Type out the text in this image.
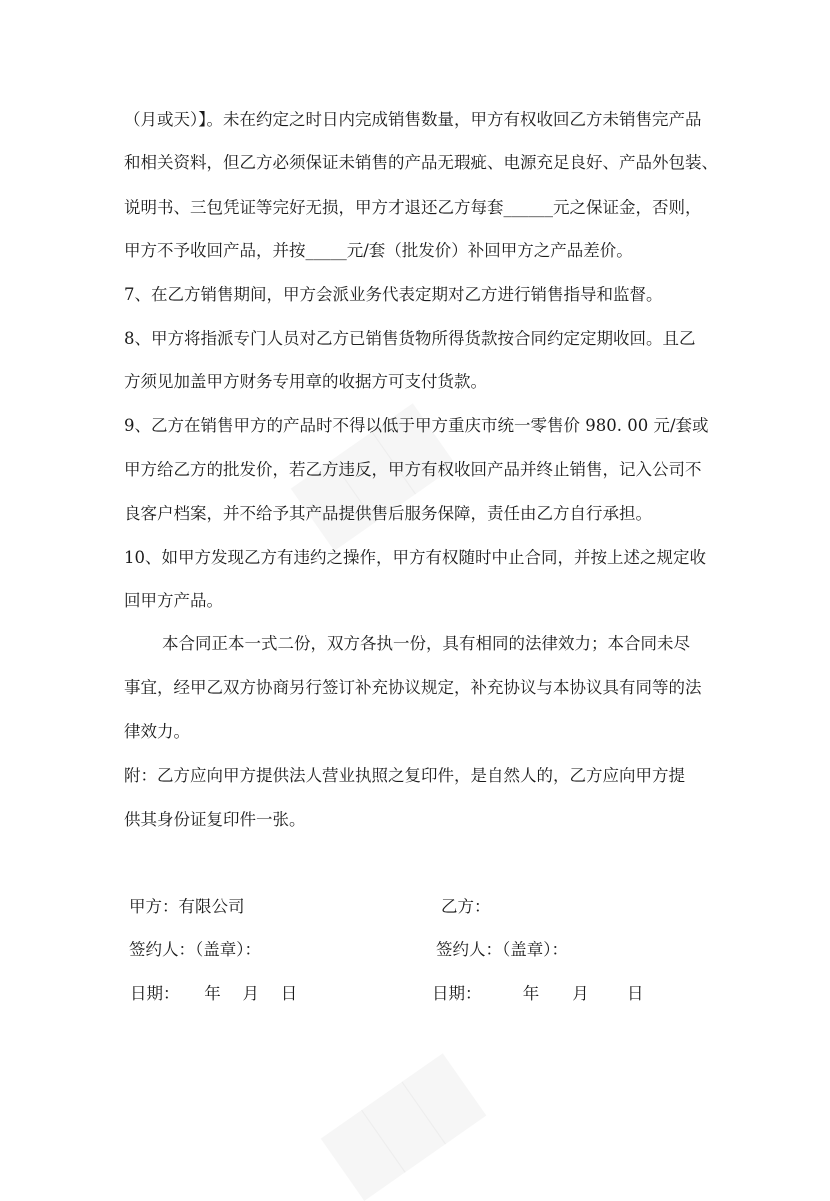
（月或天）】。未在约定之时日内完成销售数量，甲方有权收回乙方未销售完产品
和相关资料，但乙方必须保证未销售的产品无瑕疵、电源充足良好、产品外包装、
说明书、三包凭证等完好无损，甲方才退还乙方每套______元之保证金，否则，
甲方不予收回产品，并按_____元/套（批发价）补回甲方之产品差价。
7、在乙方销售期间，甲方会派业务代表定期对乙方进行销售指导和监督。
8、甲方将指派专门人员对乙方已销售货物所得货款按合同约定定期收回。且乙
方须见加盖甲方财务专用章的收据方可支付货款。
9、乙方在销售甲方的产品时不得以低于甲方重庆市统一零售价 980. 00 元/套或
甲方给乙方的批发价，若乙方违反，甲方有权收回产品并终止销售，记入公司不
良客户档案，并不给予其产品提供售后服务保障，责任由乙方自行承担。
10、如甲方发现乙方有违约之操作，甲方有权随时中止合同，并按上述之规定收
回甲方产品。
本合同正本一式二份，双方各执一份，具有相同的法律效力；本合同未尽
事宜，经甲乙双方协商另行签订补充协议规定，补充协议与本协议具有同等的法
律效力。
附：乙方应向甲方提供法人营业执照之复印件，是自然人的，乙方应向甲方提
供其身份证复印件一张。
甲方：有限公司	乙方：
签约人：（盖章）：	签约人：（盖章）：
日期：　　年　 月　 日	日期：　　　年　　月　　 日
